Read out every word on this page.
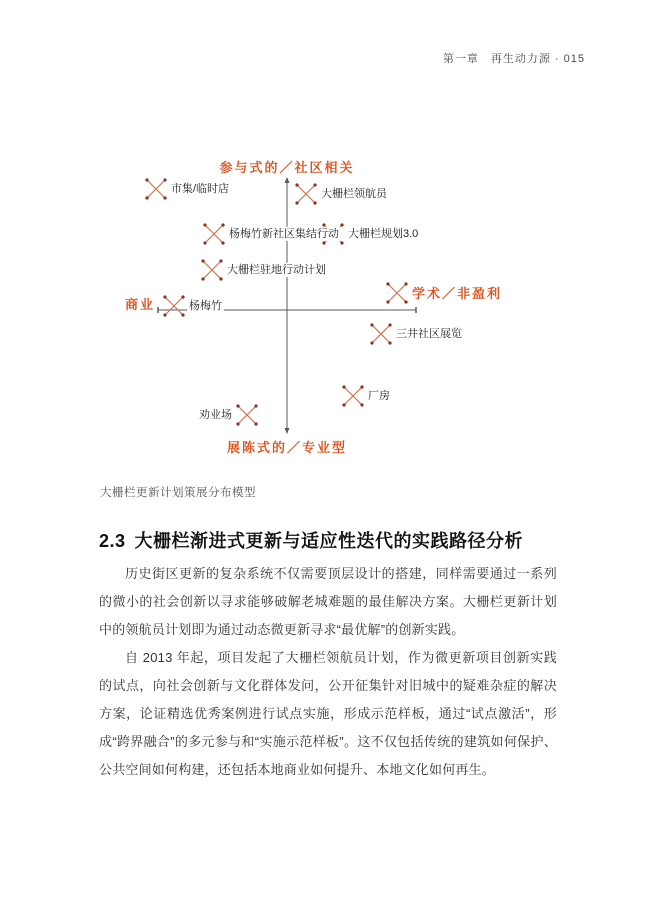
第一章　再生动力源 · 015
市集/临时店	大栅栏领航员
杨梅竹新社区集结行动 大栅栏规划3.0
大栅栏驻地行动计划
杨梅竹
三井社区展览
厂房
劝业场
参与式的／社区相关
展陈式的／专业型
商业
学术／非盈利
大栅栏更新计划策展分布模型
2.3 大栅栏渐进式更新与适应性迭代的实践路径分析

历史街区更新的复杂系统不仅需要顶层设计的搭建，同样需要通过一系列的微小的社会创新以寻求能够破解老城难题的最佳解决方案。大栅栏更新计划中的领航员计划即为通过动态微更新寻求“最优解”的创新实践。

自 2013 年起，项目发起了大栅栏领航员计划，作为微更新项目创新实践的试点，向社会创新与文化群体发问，公开征集针对旧城中的疑难杂症的解决方案，论证精选优秀案例进行试点实施，形成示范样板，通过“试点激活”，形成“跨界融合”的多元参与和“实施示范样板”。这不仅包括传统的建筑如何保护、公共空间如何构建，还包括本地商业如何提升、本地文化如何再生。
